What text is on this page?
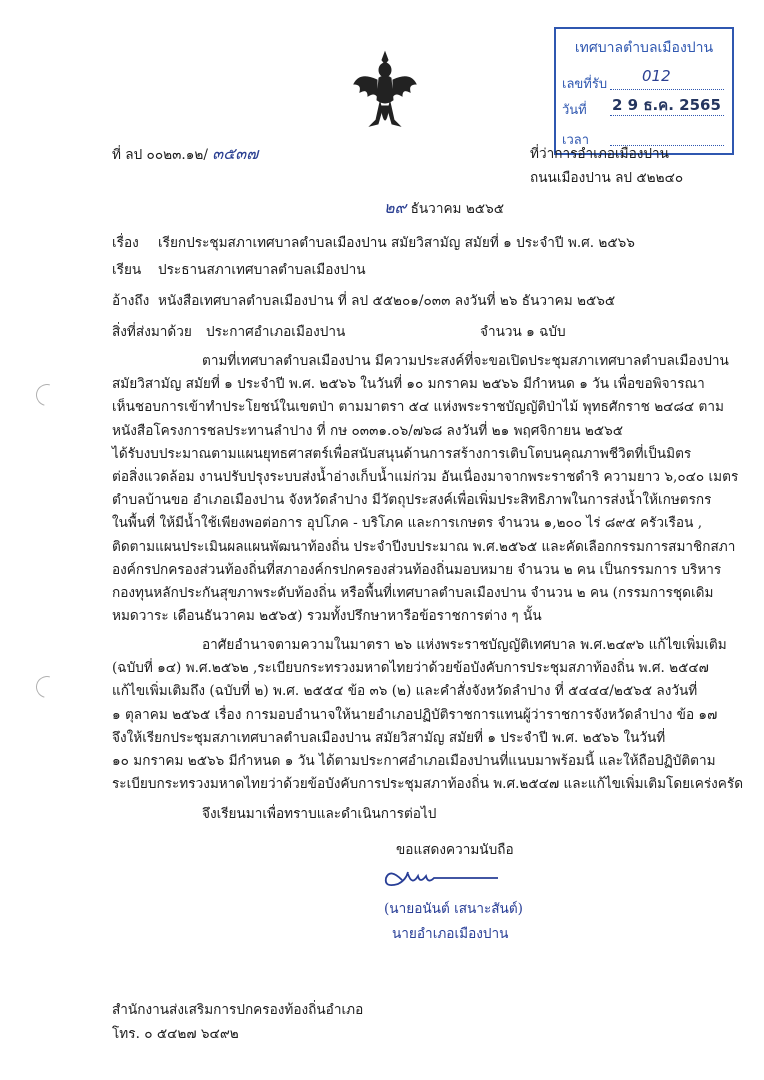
เทศบาลตำบลเมืองปาน
เลขที่รับ 012
วันที่ 2 9 ธ.ค. 2565
เวลา
ที่ ลป ๐๐๒๓.๑๒/ ๓๕๓๗	ที่ว่าการอำเภอเมืองปาน
ถนนเมืองปาน ลป ๕๒๒๔๐
๒๙ ธันวาคม ๒๕๖๕
เรื่อง เรียกประชุมสภาเทศบาลตำบลเมืองปาน สมัยวิสามัญ สมัยที่ ๑ ประจำปี พ.ศ. ๒๕๖๖
เรียน ประธานสภาเทศบาลตำบลเมืองปาน
อ้างถึง หนังสือเทศบาลตำบลเมืองปาน ที่ ลป ๕๕๒๐๑/๐๓๓ ลงวันที่ ๒๖ ธันวาคม ๒๕๖๕
สิ่งที่ส่งมาด้วย ประกาศอำเภอเมืองปาน	จำนวน ๑ ฉบับ
ตามที่เทศบาลตำบลเมืองปาน มีความประสงค์ที่จะขอเปิดประชุมสภาเทศบาลตำบลเมืองปาน
สมัยวิสามัญ สมัยที่ ๑ ประจำปี พ.ศ. ๒๕๖๖ ในวันที่ ๑๐ มกราคม ๒๕๖๖ มีกำหนด ๑ วัน เพื่อขอพิจารณา
เห็นชอบการเข้าทำประโยชน์ในเขตป่า ตามมาตรา ๕๔ แห่งพระราชบัญญัติป่าไม้ พุทธศักราช ๒๔๘๔ ตาม
หนังสือโครงการชลประทานลำปาง ที่ กษ ๐๓๓๑.๐๖/๗๖๘ ลงวันที่ ๒๑ พฤศจิกายน ๒๕๖๕
ได้รับงบประมาณตามแผนยุทธศาสตร์เพื่อสนับสนุนด้านการสร้างการเติบโตบนคุณภาพชีวิตที่เป็นมิตร
ต่อสิ่งแวดล้อม งานปรับปรุงระบบส่งน้ำอ่างเก็บน้ำแม่ก่วม อันเนื่องมาจากพระราชดำริ ความยาว ๖,๐๔๐ เมตร
ตำบลบ้านขอ อำเภอเมืองปาน จังหวัดลำปาง มีวัตถุประสงค์เพื่อเพิ่มประสิทธิภาพในการส่งน้ำให้เกษตรกร
ในพื้นที่ ให้มีน้ำใช้เพียงพอต่อการ อุปโภค - บริโภค และการเกษตร จำนวน ๑,๒๐๐ ไร่ ๘๙๕ ครัวเรือน ,
ติดตามแผนประเมินผลแผนพัฒนาท้องถิ่น ประจำปีงบประมาณ พ.ศ.๒๕๖๕ และคัดเลือกกรรมการสมาชิกสภา
องค์กรปกครองส่วนท้องถิ่นที่สภาองค์กรปกครองส่วนท้องถิ่นมอบหมาย จำนวน ๒ คน เป็นกรรมการ บริหาร
กองทุนหลักประกันสุขภาพระดับท้องถิ่น หรือพื้นที่เทศบาลตำบลเมืองปาน จำนวน ๒ คน (กรรมการชุดเดิม
หมดวาระ เดือนธันวาคม ๒๕๖๕) รวมทั้งปรึกษาหารือข้อราชการต่าง ๆ นั้น
อาศัยอำนาจตามความในมาตรา ๒๖ แห่งพระราชบัญญัติเทศบาล พ.ศ.๒๔๙๖ แก้ไขเพิ่มเติม
(ฉบับที่ ๑๔) พ.ศ.๒๕๖๒ ,ระเบียบกระทรวงมหาดไทยว่าด้วยข้อบังคับการประชุมสภาท้องถิ่น พ.ศ. ๒๕๔๗
แก้ไขเพิ่มเติมถึง (ฉบับที่ ๒) พ.ศ. ๒๕๕๔ ข้อ ๓๖ (๒) และคำสั่งจังหวัดลำปาง ที่ ๕๔๔๔/๒๕๖๕ ลงวันที่
๑ ตุลาคม ๒๕๖๕ เรื่อง การมอบอำนาจให้นายอำเภอปฏิบัติราชการแทนผู้ว่าราชการจังหวัดลำปาง ข้อ ๑๗
จึงให้เรียกประชุมสภาเทศบาลตำบลเมืองปาน สมัยวิสามัญ สมัยที่ ๑ ประจำปี พ.ศ. ๒๕๖๖ ในวันที่
๑๐ มกราคม ๒๕๖๖ มีกำหนด ๑ วัน ได้ตามประกาศอำเภอเมืองปานที่แนบมาพร้อมนี้ และให้ถือปฏิบัติตาม
ระเบียบกระทรวงมหาดไทยว่าด้วยข้อบังคับการประชุมสภาท้องถิ่น พ.ศ.๒๕๔๗ และแก้ไขเพิ่มเติมโดยเคร่งครัด
จึงเรียนมาเพื่อทราบและดำเนินการต่อไป
ขอแสดงความนับถือ
(นายอนันต์ เสนาะสันต์)
นายอำเภอเมืองปาน
สำนักงานส่งเสริมการปกครองท้องถิ่นอำเภอ
โทร. ๐ ๕๔๒๗ ๖๔๙๒
